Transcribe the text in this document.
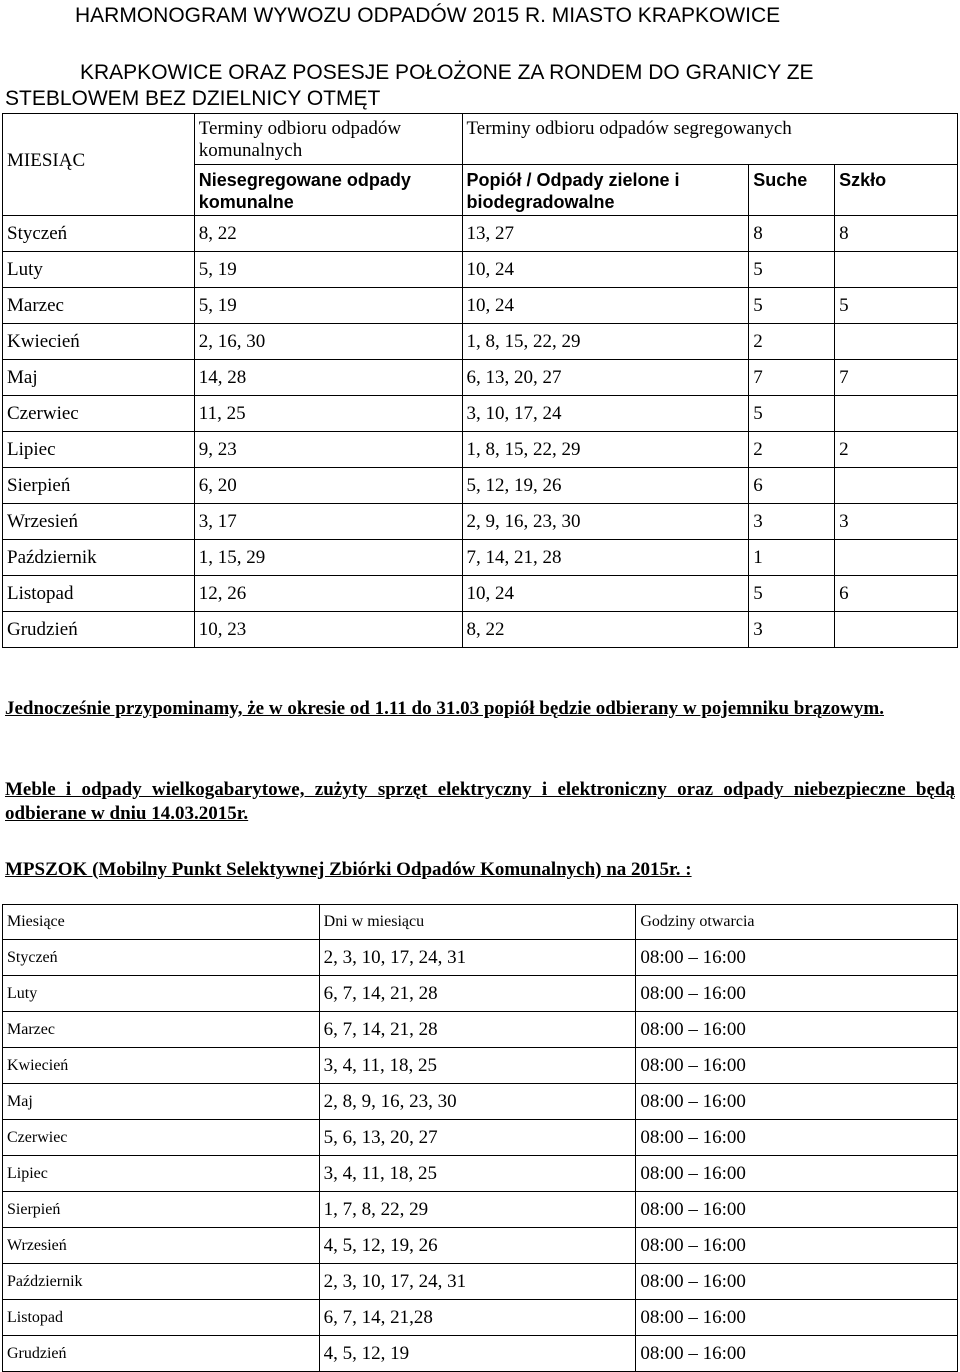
HARMONOGRAM WYWOZU ODPADÓW 2015 R. MIASTO KRAPKOWICE
KRAPKOWICE ORAZ POSESJE POŁOŻONE ZA RONDEM DO GRANICY ZE
STEBLOWEM BEZ DZIELNICY OTMĘT
MIESIĄC	Terminy odbioru odpadów komunalnych	Terminy odbioru odpadów segregowanych		
	Niesegregowane odpady komunalne	Popiół / Odpady zielone i biodegradowalne	Suche	Szkło
Styczeń	8, 22	13, 27	8	8
Luty	5, 19	10, 24	5	
Marzec	5, 19	10, 24	5	5
Kwiecień	2, 16, 30	1, 8, 15, 22, 29	2	
Maj	14, 28	6, 13, 20, 27	7	7
Czerwiec	11, 25	3, 10, 17, 24	5	
Lipiec	9, 23	1, 8, 15, 22, 29	2	2
Sierpień	6, 20	5, 12, 19, 26	6	
Wrzesień	3, 17	2, 9, 16, 23, 30	3	3
Październik	1, 15, 29	7, 14, 21, 28	1	
Listopad	12, 26	10, 24	5	6
Grudzień	10, 23	8, 22	3	
Jednocześnie przypominamy, że w okresie od 1.11 do 31.03 popiół będzie odbierany w pojemniku brązowym.
Meble i odpady wielkogabarytowe, zużyty sprzęt elektryczny i elektroniczny oraz odpady niebezpieczne będą odbierane w dniu 14.03.2015r.
MPSZOK (Mobilny Punkt Selektywnej Zbiórki Odpadów Komunalnych) na 2015r. :
Miesiące	Dni w miesiącu	Godziny otwarcia
Styczeń	2, 3, 10, 17, 24, 31	08:00 – 16:00
Luty	6, 7, 14, 21, 28	08:00 – 16:00
Marzec	6, 7, 14, 21, 28	08:00 – 16:00
Kwiecień	3, 4, 11, 18, 25	08:00 – 16:00
Maj	2, 8, 9, 16, 23, 30	08:00 – 16:00
Czerwiec	5, 6, 13, 20, 27	08:00 – 16:00
Lipiec	3, 4, 11, 18, 25	08:00 – 16:00
Sierpień	1, 7, 8, 22, 29	08:00 – 16:00
Wrzesień	4, 5, 12, 19, 26	08:00 – 16:00
Październik	2, 3, 10, 17, 24, 31	08:00 – 16:00
Listopad	6, 7, 14, 21,28	08:00 – 16:00
Grudzień	4, 5, 12, 19	08:00 – 16:00
